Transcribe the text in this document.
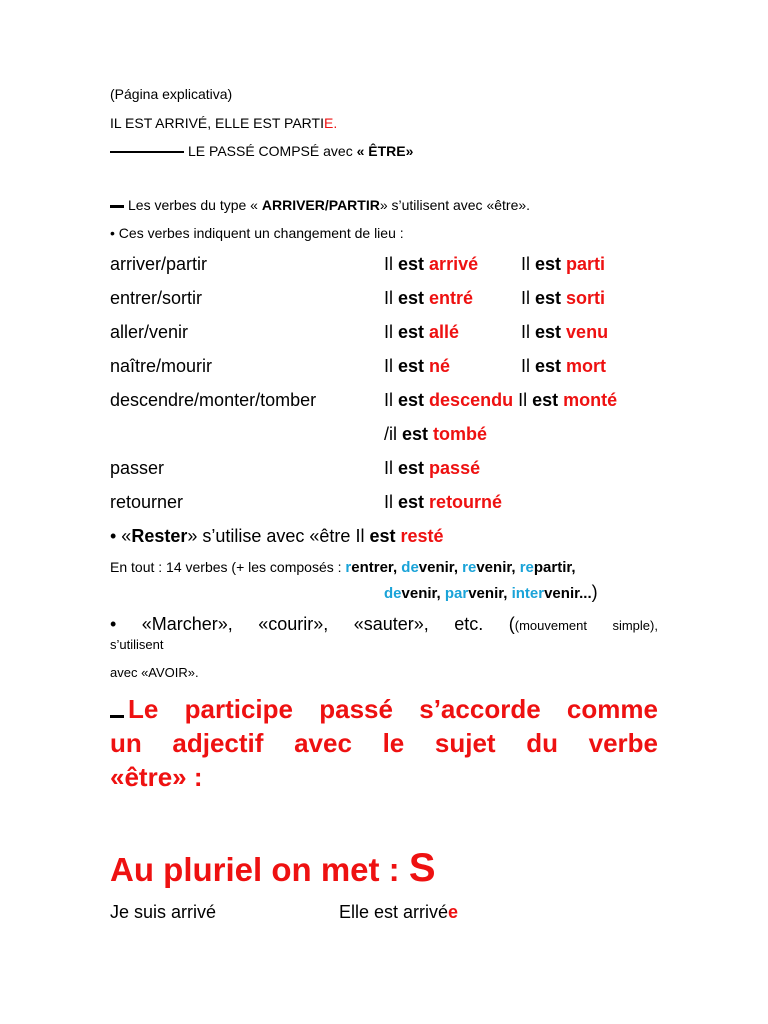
(Página explicativa)
IL EST ARRIVÉ, ELLE EST PARTIE.
LE PASSÉ COMPSÉ avec « ÊTRE»
Les verbes du type « ARRIVER/PARTIR» s’utilisent avec «être».
• Ces verbes indiquent un changement de lieu :
arriver/partir	Il est arrivé Il est parti
entrer/sortir	Il est entré	Il est sorti
aller/venir	Il est allé	Il est venu
naître/mourir	Il est né	Il est mort
descendre/monter/tomber	Il est descendu Il est monté
/il est tombé
passer	Il est passé
retourner	Il est retourné
• «Rester» s’utilise avec «être Il est resté
En tout : 14 verbes (+ les composés : rentrer, devenir, revenir, repartir,
devenir, parvenir, intervenir...)
• «Marcher», «courir», «sauter», etc. ((mouvement simple),
s’utilisent
avec «AVOIR».
Le participe passé s’accorde comme
un adjectif avec le sujet du verbe
«être» :
Au pluriel on met : S
Je suis arrivé	Elle est arrivée
